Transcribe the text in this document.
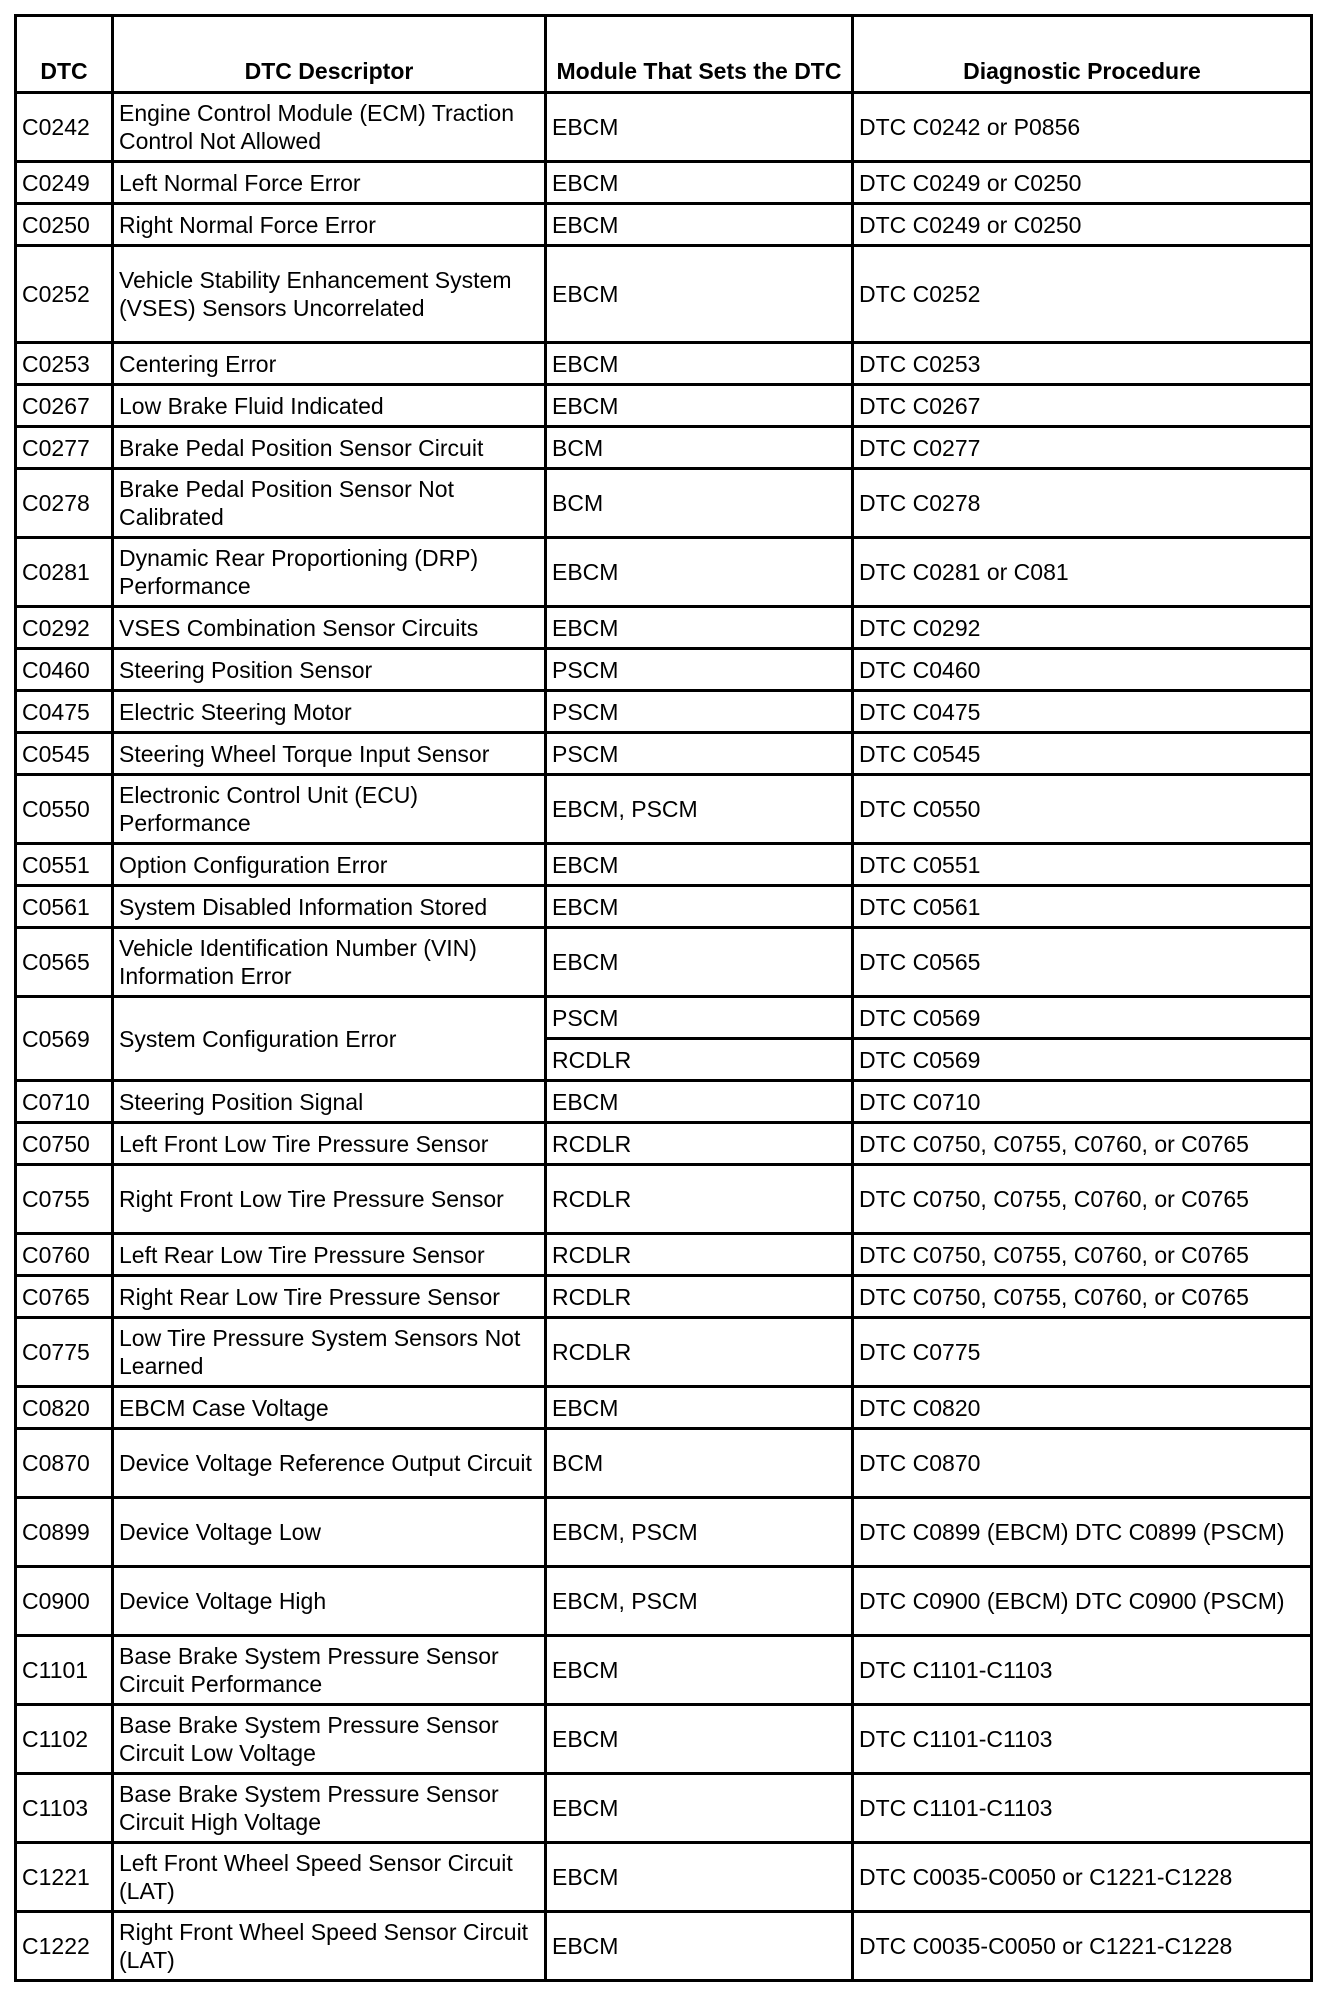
DTC	DTC Descriptor	Module That Sets the DTC	Diagnostic Procedure
C0242	Engine Control Module (ECM) Traction Control Not Allowed	EBCM	DTC C0242 or P0856
C0249	Left Normal Force Error	EBCM	DTC C0249 or C0250
C0250	Right Normal Force Error	EBCM	DTC C0249 or C0250
C0252	Vehicle Stability Enhancement System (VSES) Sensors Uncorrelated	EBCM	DTC C0252
C0253	Centering Error	EBCM	DTC C0253
C0267	Low Brake Fluid Indicated	EBCM	DTC C0267
C0277	Brake Pedal Position Sensor Circuit	BCM	DTC C0277
C0278	Brake Pedal Position Sensor Not Calibrated	BCM	DTC C0278
C0281	Dynamic Rear Proportioning (DRP) Performance	EBCM	DTC C0281 or C081
C0292	VSES Combination Sensor Circuits	EBCM	DTC C0292
C0460	Steering Position Sensor	PSCM	DTC C0460
C0475	Electric Steering Motor	PSCM	DTC C0475
C0545	Steering Wheel Torque Input Sensor	PSCM	DTC C0545
C0550	Electronic Control Unit (ECU) Performance	EBCM, PSCM	DTC C0550
C0551	Option Configuration Error	EBCM	DTC C0551
C0561	System Disabled Information Stored	EBCM	DTC C0561
C0565	Vehicle Identification Number (VIN) Information Error	EBCM	DTC C0565
C0569	System Configuration Error	PSCM	DTC C0569
		RCDLR	DTC C0569
C0710	Steering Position Signal	EBCM	DTC C0710
C0750	Left Front Low Tire Pressure Sensor	RCDLR	DTC C0750, C0755, C0760, or C0765
C0755	Right Front Low Tire Pressure Sensor	RCDLR	DTC C0750, C0755, C0760, or C0765
C0760	Left Rear Low Tire Pressure Sensor	RCDLR	DTC C0750, C0755, C0760, or C0765
C0765	Right Rear Low Tire Pressure Sensor	RCDLR	DTC C0750, C0755, C0760, or C0765
C0775	Low Tire Pressure System Sensors Not Learned	RCDLR	DTC C0775
C0820	EBCM Case Voltage	EBCM	DTC C0820
C0870	Device Voltage Reference Output Circuit	BCM	DTC C0870
C0899	Device Voltage Low	EBCM, PSCM	DTC C0899 (EBCM) DTC C0899 (PSCM)
C0900	Device Voltage High	EBCM, PSCM	DTC C0900 (EBCM) DTC C0900 (PSCM)
C1101	Base Brake System Pressure Sensor Circuit Performance	EBCM	DTC C1101-C1103
C1102	Base Brake System Pressure Sensor Circuit Low Voltage	EBCM	DTC C1101-C1103
C1103	Base Brake System Pressure Sensor Circuit High Voltage	EBCM	DTC C1101-C1103
C1221	Left Front Wheel Speed Sensor Circuit (LAT)	EBCM	DTC C0035-C0050 or C1221-C1228
C1222	Right Front Wheel Speed Sensor Circuit (LAT)	EBCM	DTC C0035-C0050 or C1221-C1228
